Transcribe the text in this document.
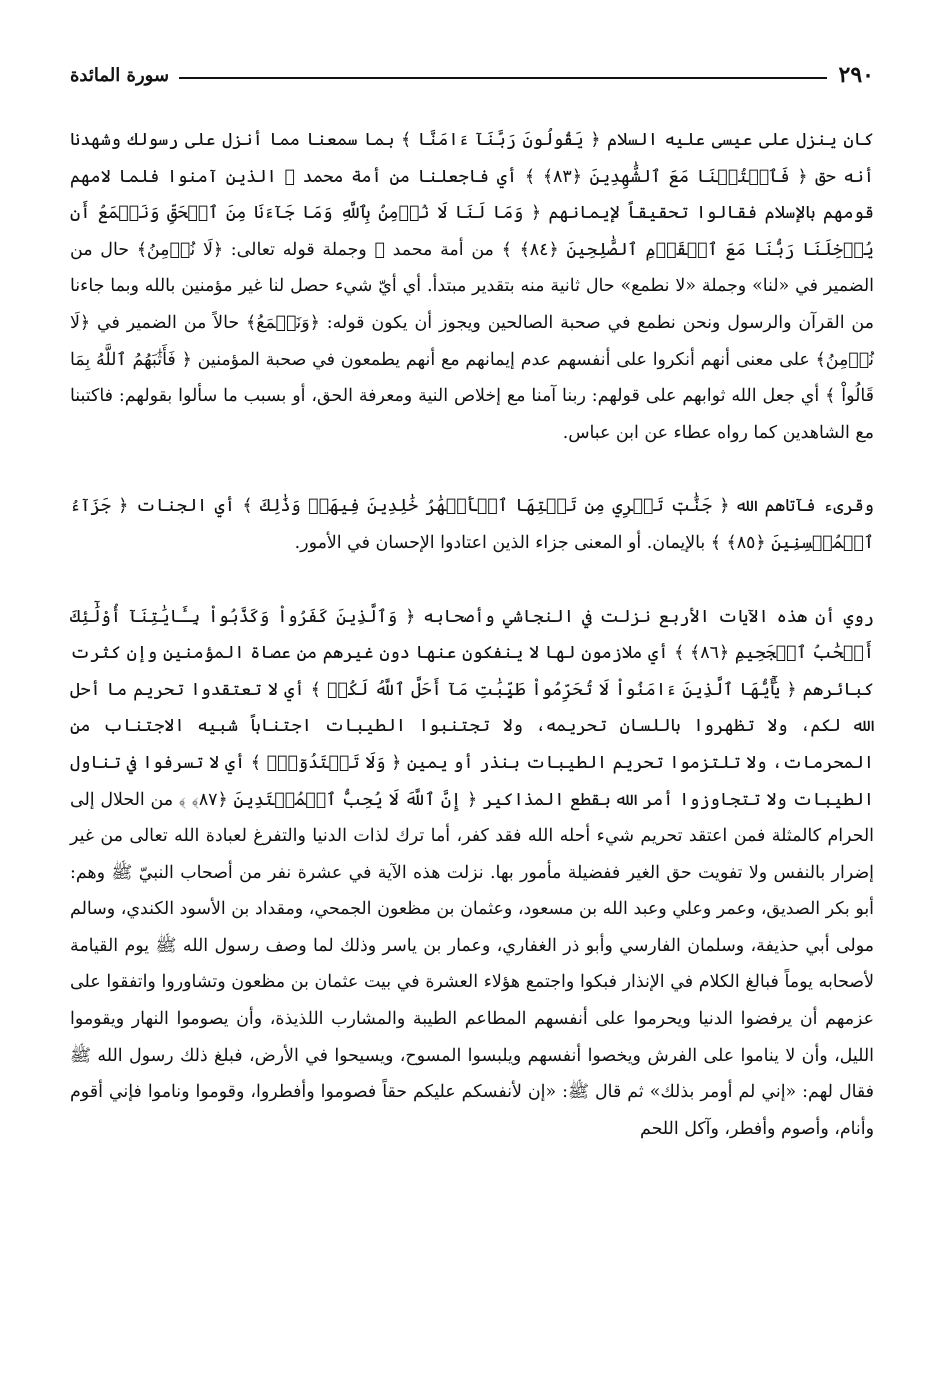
٢٩٠
سورة المائدة

كان ينزل على عيسى عليه السلام ﴿ يَقُولُونَ رَبَّنَآ ءَامَنَّا ﴾ بما سمعنا مما أنزل على رسولك وشهدنا أنه حق ﴿ فَٱكۡتُبۡنَا مَعَ ٱلشَّٰهِدِينَ ﴿٨٣﴾ ﴾ أي فاجعلنا من أمة محمد ﷺ الذين آمنوا فلما لامهم قومهم بالإسلام فقالوا تحقيقاً لإيمانهم ﴿ وَمَا لَنَا لَا نُؤۡمِنُ بِٱللَّهِ وَمَا جَآءَنَا مِنَ ٱلۡحَقِّ وَنَطۡمَعُ أَن يُدۡخِلَنَا رَبُّنَا مَعَ ٱلۡقَوۡمِ ٱلصَّٰلِحِينَ ﴿٨٤﴾ ﴾ من أمة محمد ﷺ وجملة قوله تعالى: ﴿لَا نُؤۡمِنُ﴾ حال من الضمير في «لنا» وجملة «لا نطمع» حال ثانية منه بتقدير مبتدأ. أي أيّ شيء حصل لنا غير مؤمنين بالله وبما جاءنا من القرآن والرسول ونحن نطمع في صحبة الصالحين ويجوز أن يكون قوله: ﴿وَنَطۡمَعُ﴾ حالاً من الضمير في ﴿لَا نُؤۡمِنُ﴾ على معنى أنهم أنكروا على أنفسهم عدم إيمانهم مع أنهم يطمعون في صحبة المؤمنين ﴿ فَأَثَٰبَهُمُ ٱللَّهُ بِمَا قَالُواْ ﴾ أي جعل الله ثوابهم على قولهم: ربنا آمنا مع إخلاص النية ومعرفة الحق، أو بسبب ما سألوا بقولهم: فاكتبنا مع الشاهدين كما رواه عطاء عن ابن عباس.

وقرىء فآتاهم الله ﴿ جَنَّٰتٖ تَجۡرِي مِن تَحۡتِهَا ٱلۡأَنۡهَٰرُ خَٰلِدِينَ فِيهَاۚ وَذَٰلِكَ ﴾ أي الجنات ﴿ جَزَآءُ ٱلۡمُحۡسِنِينَ ﴿٨٥﴾ ﴾ بالإيمان. أو المعنى جزاء الذين اعتادوا الإحسان في الأمور.

روي أن هذه الآيات الأربع نزلت في النجاشي وأصحابه ﴿ وَٱلَّذِينَ كَفَرُواْ وَكَذَّبُواْ بِـَٔايَٰتِنَآ أُوْلَٰٓئِكَ أَصۡحَٰبُ ٱلۡجَحِيمِ ﴿٨٦﴾ ﴾ أي ملازمون لها لا ينفكون عنها دون غيرهم من عصاة المؤمنين وإن كثرت كبائرهم ﴿ يَٰٓأَيُّهَا ٱلَّذِينَ ءَامَنُواْ لَا تُحَرِّمُواْ طَيِّبَٰتِ مَآ أَحَلَّ ٱللَّهُ لَكُمۡ ﴾ أي لا تعتقدوا تحريم ما أحل الله لكم، ولا تظهروا باللسان تحريمه، ولا تجتنبوا الطيبات اجتناباً شبيه الاجتناب من المحرمات، ولا تلتزموا تحريم الطيبات بنذر أو يمين ﴿ وَلَا تَعۡتَدُوٓاْۚ ﴾ أي لا تسرفوا في تناول الطيبات ولا تتجاوزوا أمر الله بقطع المذاكير ﴿ إِنَّ ٱللَّهَ لَا يُحِبُّ ٱلۡمُعۡتَدِينَ ﴿٨٧﴾ ﴾ من الحلال إلى الحرام كالمثلة فمن اعتقد تحريم شيء أحله الله فقد كفر، أما ترك لذات الدنيا والتفرغ لعبادة الله تعالى من غير إضرار بالنفس ولا تفويت حق الغير ففضيلة مأمور بها. نزلت هذه الآية في عشرة نفر من أصحاب النبيّ ﷺ وهم: أبو بكر الصديق، وعمر وعلي وعبد الله بن مسعود، وعثمان بن مظعون الجمحي، ومقداد بن الأسود الكندي، وسالم مولى أبي حذيفة، وسلمان الفارسي وأبو ذر الغفاري، وعمار بن ياسر وذلك لما وصف رسول الله ﷺ يوم القيامة لأصحابه يوماً فبالغ الكلام في الإنذار فبكوا واجتمع هؤلاء العشرة في بيت عثمان بن مظعون وتشاوروا واتفقوا على عزمهم أن يرفضوا الدنيا ويحرموا على أنفسهم المطاعم الطيبة والمشارب اللذيذة، وأن يصوموا النهار ويقوموا الليل، وأن لا يناموا على الفرش ويخصوا أنفسهم ويلبسوا المسوح، ويسيحوا في الأرض، فبلغ ذلك رسول الله ﷺ فقال لهم: «إني لم أومر بذلك» ثم قال ﷺ: «إن لأنفسكم عليكم حقاً فصوموا وأفطروا، وقوموا وناموا فإني أقوم وأنام، وأصوم وأفطر، وآكل اللحم
